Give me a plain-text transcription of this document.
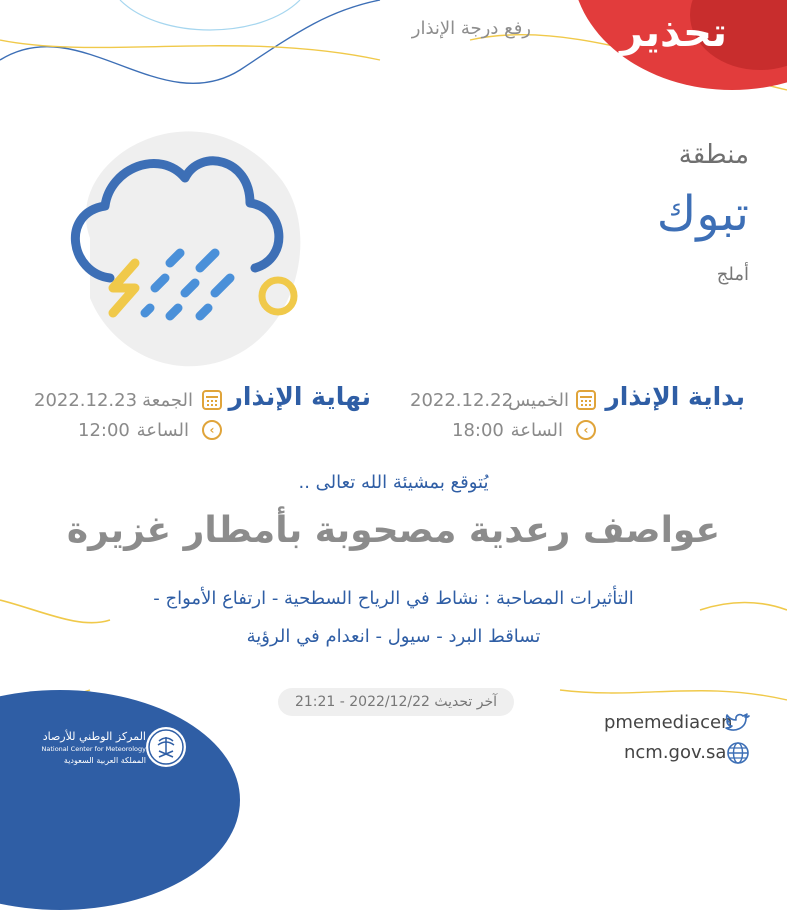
تحذير
رفع درجة الإنذار
منطقة
تبوك
أملج
بداية الإنذار
الخميس
2022.12.22
‹
الساعة
18:00
نهاية الإنذار
الجمعة
2022.12.23
‹
الساعة
12:00
يُتوقع بمشيئة الله تعالى ..
عواصف رعدية مصحوبة بأمطار غزيرة
التأثيرات المصاحبة : نشاط في الرياح السطحية - ارتفاع الأمواج -
تساقط البرد - سيول - انعدام في الرؤية
آخر تحديث 2022/12/22 - 21:21
المركز الوطني للأرصاد
National Center for Meteorology
المملكة العربية السعودية
pmemediacen
ncm.gov.sa
